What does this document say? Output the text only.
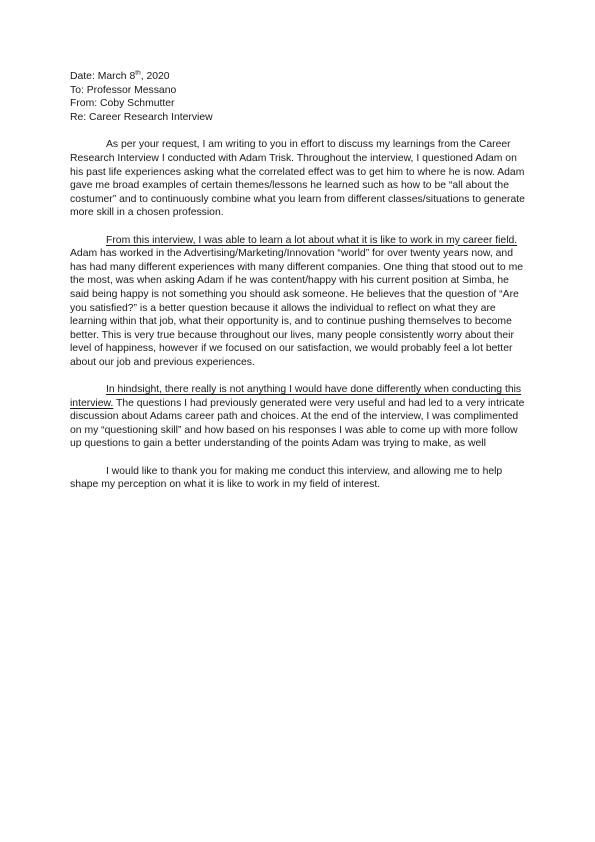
Date: March 8th, 2020

To: Professor Messano

From: Coby Schmutter

Re: Career Research Interview

As per your request, I am writing to you in effort to discuss my learnings from the Career Research Interview I conducted with Adam Trisk. Throughout the interview, I questioned Adam on his past life experiences asking what the correlated effect was to get him to where he is now. Adam gave me broad examples of certain themes/lessons he learned such as how to be “all about the costumer” and to continuously combine what you learn from different classes/situations to generate more skill in a chosen profession.

From this interview, I was able to learn a lot about what it is like to work in my career field. Adam has worked in the Advertising/Marketing/Innovation “world” for over twenty years now, and has had many different experiences with many different companies. One thing that stood out to me the most, was when asking Adam if he was content/happy with his current position at Simba, he said being happy is not something you should ask someone. He believes that the question of “Are you satisfied?” is a better question because it allows the individual to reflect on what they are learning within that job, what their opportunity is, and to continue pushing themselves to become better. This is very true because throughout our lives, many people consistently worry about their level of happiness, however if we focused on our satisfaction, we would probably feel a lot better about our job and previous experiences.

In hindsight, there really is not anything I would have done differently when conducting this interview. The questions I had previously generated were very useful and had led to a very intricate discussion about Adams career path and choices. At the end of the interview, I was complimented on my “questioning skill” and how based on his responses I was able to come up with more follow up questions to gain a better understanding of the points Adam was trying to make, as well

I would like to thank you for making me conduct this interview, and allowing me to help shape my perception on what it is like to work in my field of interest.
